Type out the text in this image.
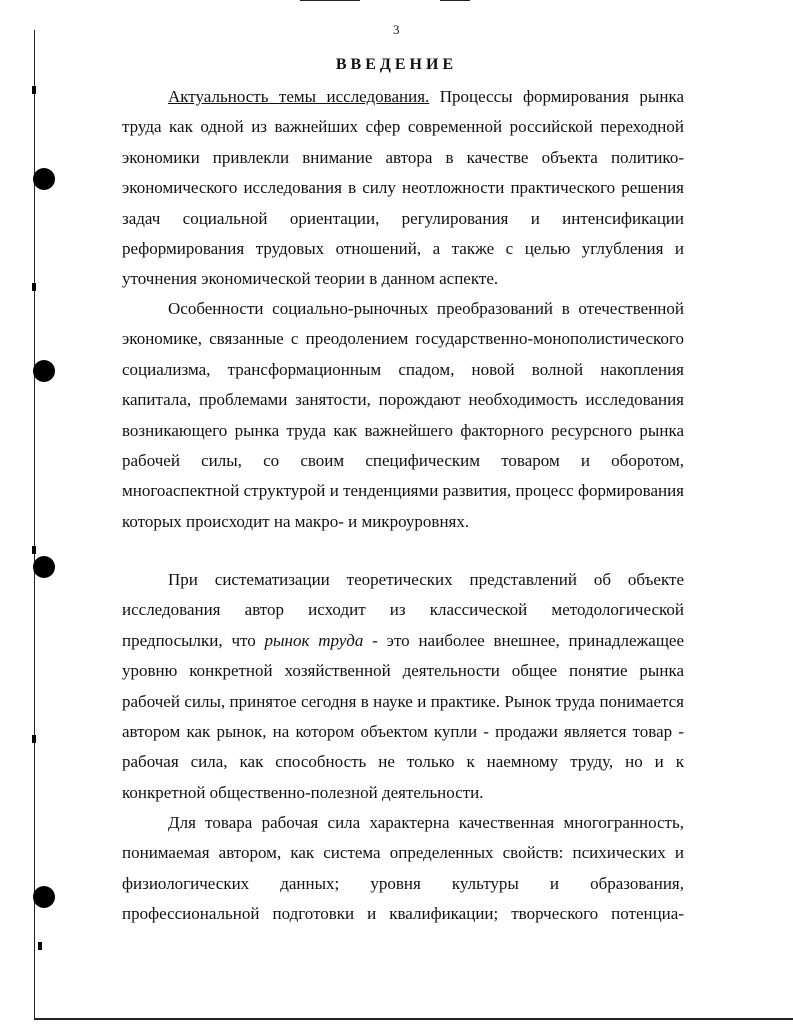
3
ВВЕДЕНИЕ
Актуальность темы исследования. Процессы формирования рынка труда как одной из важнейших сфер современной российской переходной экономики привлекли внимание автора в качестве объекта политико-экономического исследования в силу неотложности практического решения задач социальной ориентации, регулирования и интенсификации реформирования трудовых отношений, а также с целью углубления и уточнения экономической теории в данном аспекте.
Особенности социально-рыночных преобразований в отечественной экономике, связанные с преодолением государственно-монополистического социализма, трансформационным спадом, новой волной накопления капитала, проблемами занятости, порождают необходимость исследования возникающего рынка труда как важнейшего факторного ресурсного рынка рабочей силы, со своим специфическим товаром и оборотом, многоаспектной структурой и тенденциями развития, процесс формирования которых происходит на макро- и микроуровнях.
При систематизации теоретических представлений об объекте исследования автор исходит из классической методологической предпосылки, что рынок труда - это наиболее внешнее, принадлежащее уровню конкретной хозяйственной деятельности общее понятие рынка рабочей силы, принятое сегодня в науке и практике. Рынок труда понимается автором как рынок, на котором объектом купли - продажи является товар - рабочая сила, как способность не только к наемному труду, но и к конкретной общественно-полезной деятельности.
Для товара рабочая сила характерна качественная многогранность, понимаемая автором, как система определенных свойств: психических и физиологических данных; уровня культуры и образования, профессиональной подготовки и квалификации; творческого потенциа-
